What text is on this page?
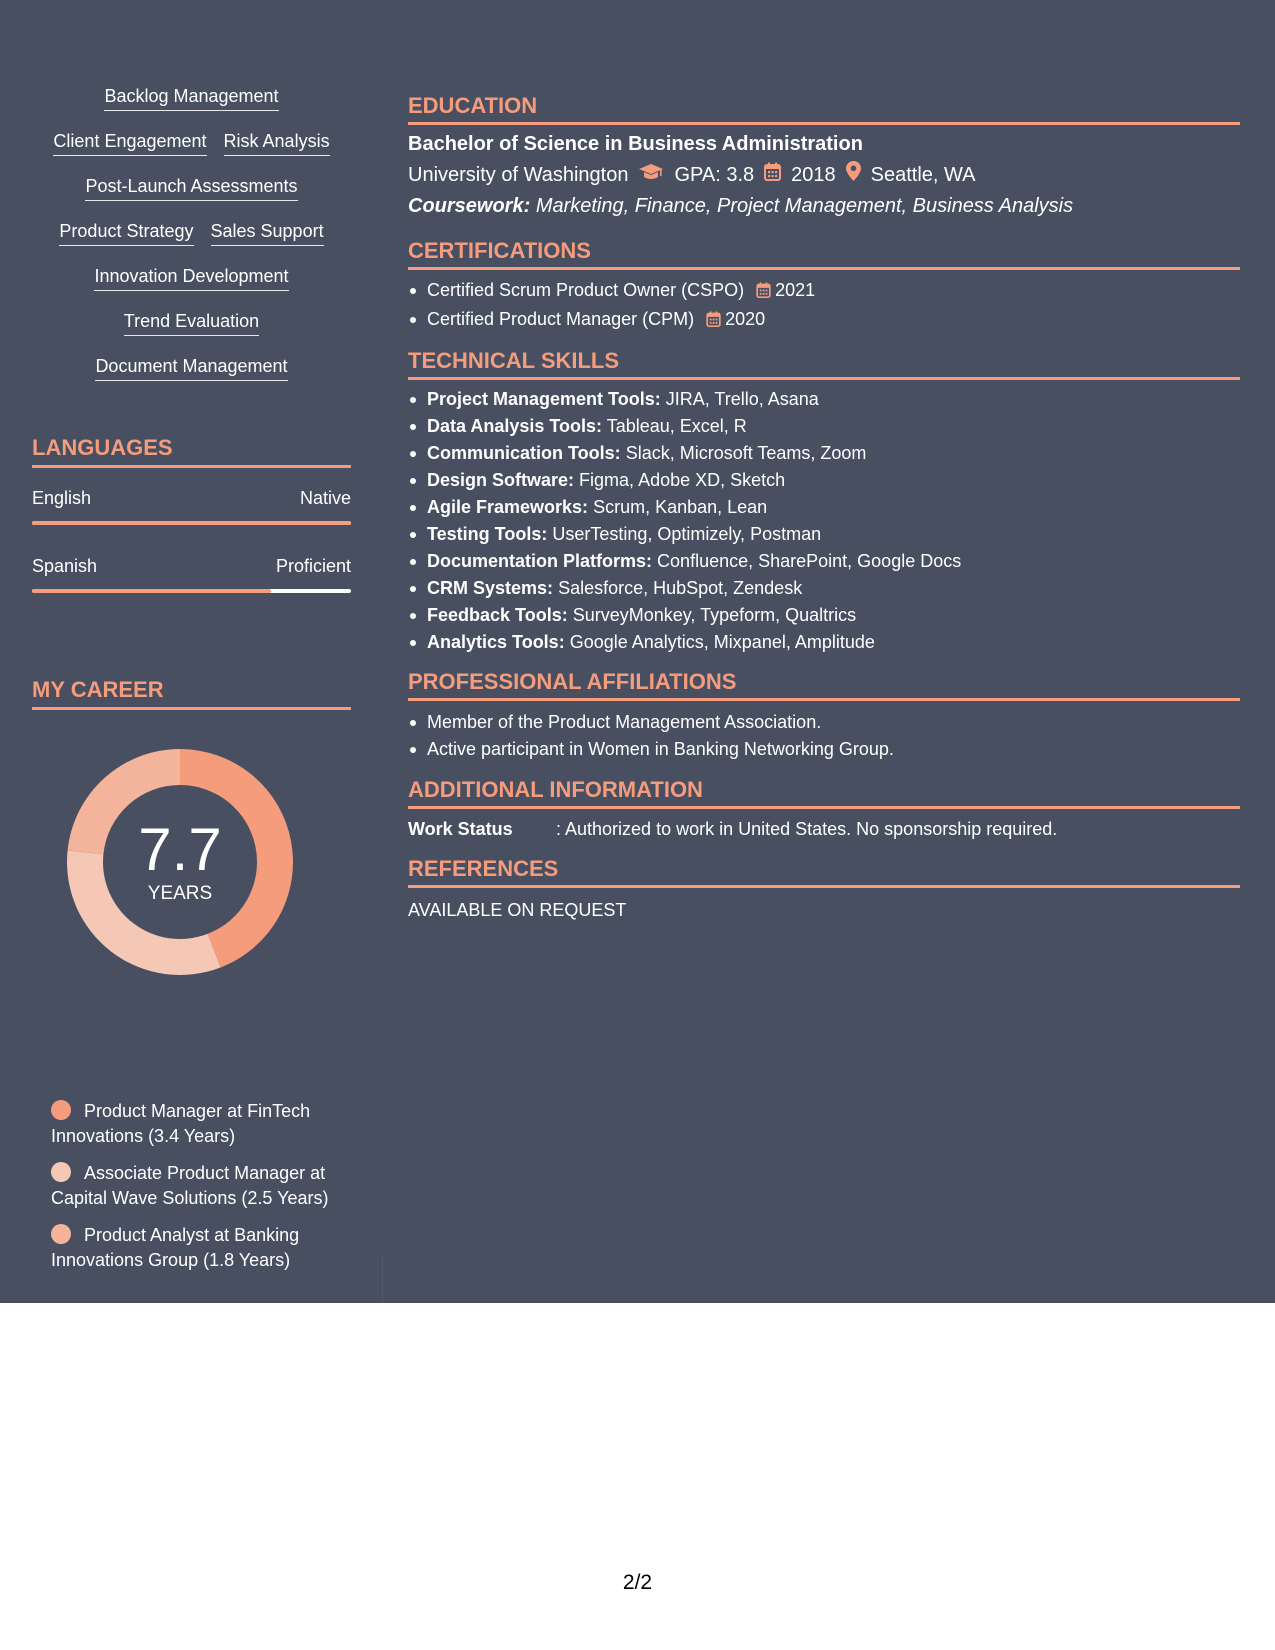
Backlog Management
Client Engagement Risk Analysis
Post-Launch Assessments
Product Strategy Sales Support
Innovation Development
Trend Evaluation
Document Management
LANGUAGES
English	Native
Spanish	Proficient
MY CAREER
7.7
YEARS
Product Manager at FinTech Innovations (3.4 Years)
Associate Product Manager at Capital Wave Solutions (2.5 Years)
Product Analyst at Banking Innovations Group (1.8 Years)
EDUCATION
Bachelor of Science in Business Administration
University of Washington GPA: 3.8 2018 Seattle, WA
Coursework: Marketing, Finance, Project Management, Business Analysis
CERTIFICATIONS
Certified Scrum Product Owner (CSPO) 2021
Certified Product Manager (CPM) 2020
TECHNICAL SKILLS
Project Management Tools: JIRA, Trello, Asana
Data Analysis Tools: Tableau, Excel, R
Communication Tools: Slack, Microsoft Teams, Zoom
Design Software: Figma, Adobe XD, Sketch
Agile Frameworks: Scrum, Kanban, Lean
Testing Tools: UserTesting, Optimizely, Postman
Documentation Platforms: Confluence, SharePoint, Google Docs
CRM Systems: Salesforce, HubSpot, Zendesk
Feedback Tools: SurveyMonkey, Typeform, Qualtrics
Analytics Tools: Google Analytics, Mixpanel, Amplitude
PROFESSIONAL AFFILIATIONS
Member of the Product Management Association.
Active participant in Women in Banking Networking Group.
ADDITIONAL INFORMATION
Work Status	: Authorized to work in United States. No sponsorship required.
REFERENCES
AVAILABLE ON REQUEST
2/2
